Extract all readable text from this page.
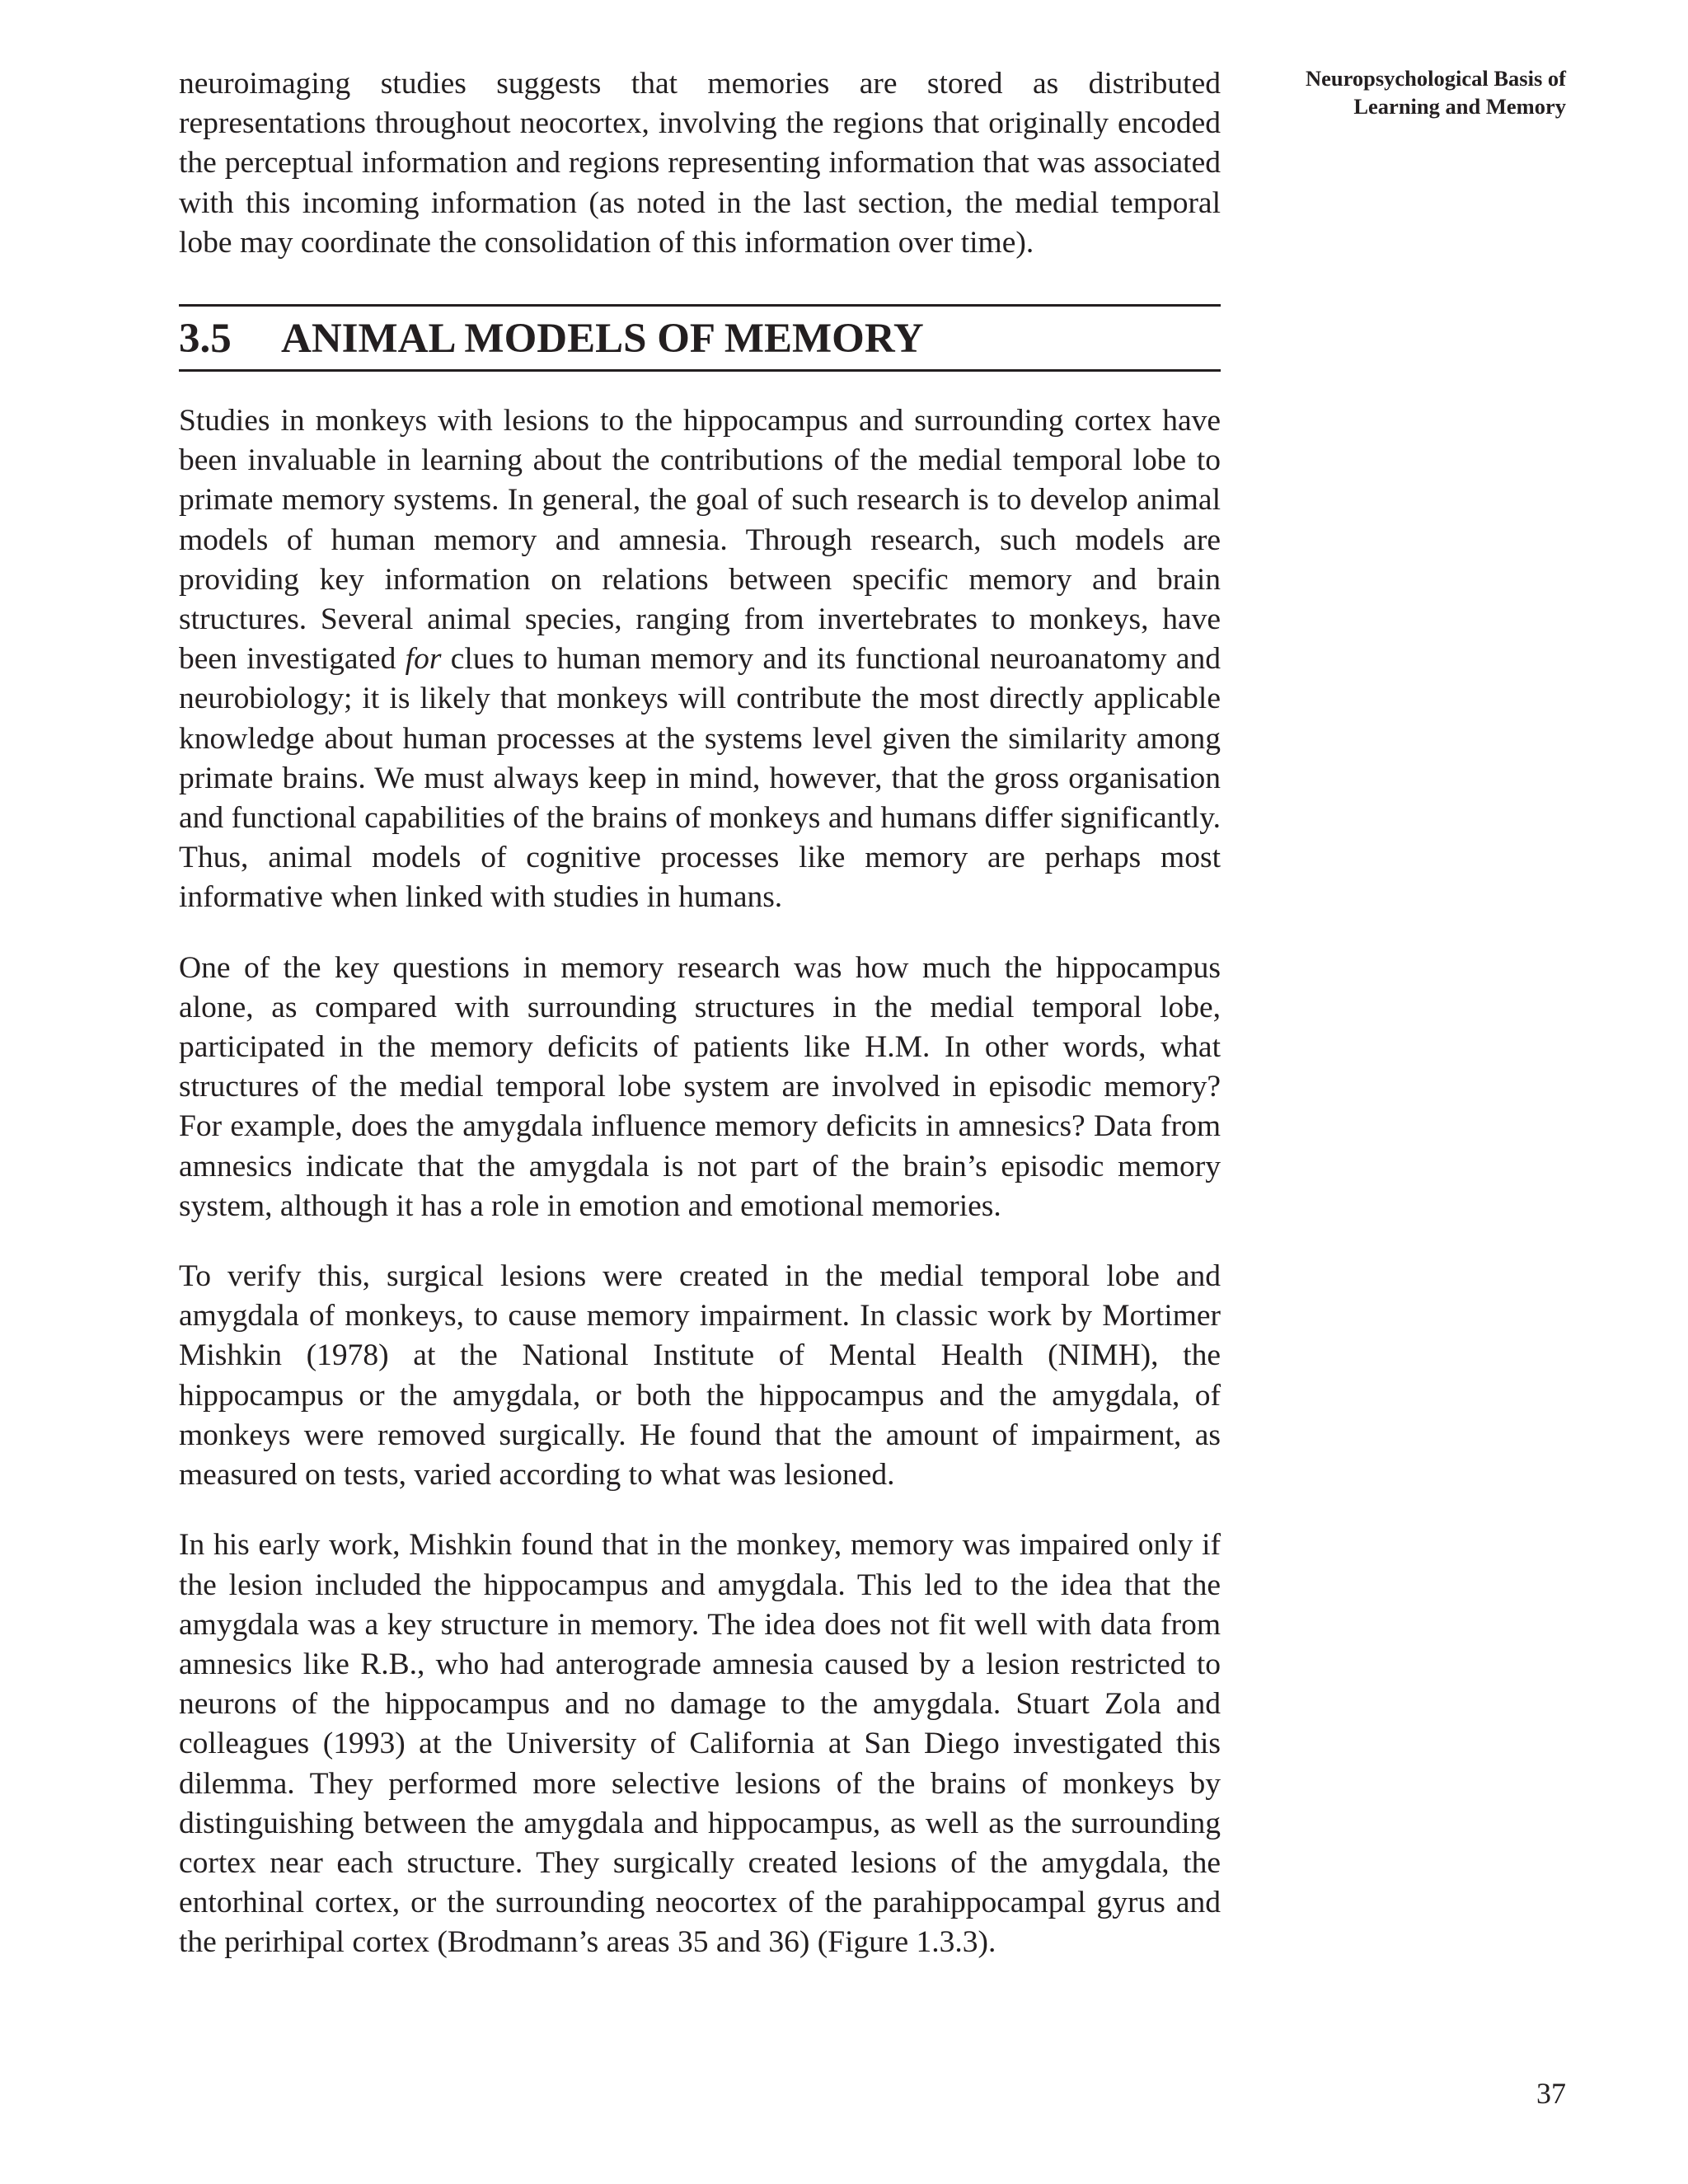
Neuropsychological Basis of
Learning and Memory

neuroimaging studies suggests that memories are stored as distributed representations throughout neocortex, involving the regions that originally encoded the perceptual information and regions representing information that was associated with this incoming information (as noted in the last section, the medial temporal lobe may coordinate the consolidation of this information over time).

3.5 ANIMAL MODELS OF MEMORY

Studies in monkeys with lesions to the hippocampus and surrounding cortex have been invaluable in learning about the contributions of the medial temporal lobe to primate memory systems. In general, the goal of such research is to develop animal models of human memory and amnesia. Through research, such models are providing key information on relations between specific memory and brain structures. Several animal species, ranging from invertebrates to monkeys, have been investigated for clues to human memory and its functional neuroanatomy and neurobiology; it is likely that monkeys will contribute the most directly applicable knowledge about human processes at the systems level given the similarity among primate brains. We must always keep in mind, however, that the gross organisation and functional capabilities of the brains of monkeys and humans differ significantly. Thus, animal models of cognitive processes like memory are perhaps most informative when linked with studies in humans.

One of the key questions in memory research was how much the hippocampus alone, as compared with surrounding structures in the medial temporal lobe, participated in the memory deficits of patients like H.M. In other words, what structures of the medial temporal lobe system are involved in episodic memory? For example, does the amygdala influence memory deficits in amnesics? Data from amnesics indicate that the amygdala is not part of the brain’s episodic memory system, although it has a role in emotion and emotional memories.

To verify this, surgical lesions were created in the medial temporal lobe and amygdala of monkeys, to cause memory impairment. In classic work by Mortimer Mishkin (1978) at the National Institute of Mental Health (NIMH), the hippocampus or the amygdala, or both the hippocampus and the amygdala, of monkeys were removed surgically. He found that the amount of impairment, as measured on tests, varied according to what was lesioned.

In his early work, Mishkin found that in the monkey, memory was impaired only if the lesion included the hippocampus and amygdala. This led to the idea that the amygdala was a key structure in memory. The idea does not fit well with data from amnesics like R.B., who had anterograde amnesia caused by a lesion restricted to neurons of the hippocampus and no damage to the amygdala. Stuart Zola and colleagues (1993) at the University of California at San Diego investigated this dilemma. They performed more selective lesions of the brains of monkeys by distinguishing between the amygdala and hippocampus, as well as the surrounding cortex near each structure. They surgically created lesions of the amygdala, the entorhinal cortex, or the surrounding neocortex of the parahippocampal gyrus and the perirhipal cortex (Brodmann’s areas 35 and 36) (Figure 1.3.3).

37
